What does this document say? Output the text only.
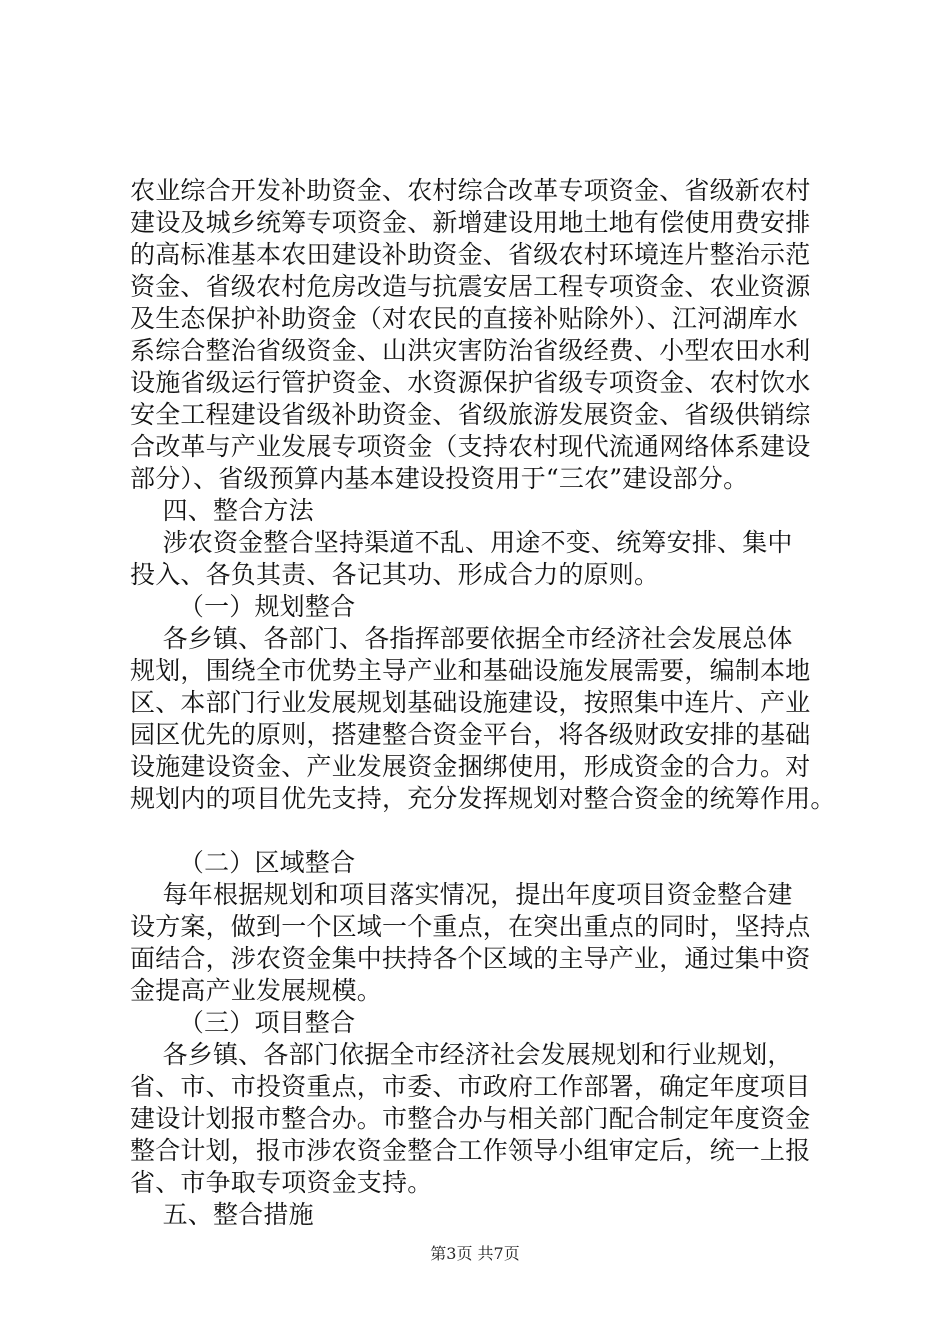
农业综合开发补助资金、农村综合改革专项资金、省级新农村
建设及城乡统筹专项资金、新增建设用地土地有偿使用费安排
的高标准基本农田建设补助资金、省级农村环境连片整治示范
资金、省级农村危房改造与抗震安居工程专项资金、农业资源
及生态保护补助资金（对农民的直接补贴除外）、江河湖库水
系综合整治省级资金、山洪灾害防治省级经费、小型农田水利
设施省级运行管护资金、水资源保护省级专项资金、农村饮水
安全工程建设省级补助资金、省级旅游发展资金、省级供销综
合改革与产业发展专项资金（支持农村现代流通网络体系建设
部分）、省级预算内基本建设投资用于“三农”建设部分。
四、整合方法
涉农资金整合坚持渠道不乱、用途不变、统筹安排、集中
投入、各负其责、各记其功、形成合力的原则。
（一）规划整合
各乡镇、各部门、各指挥部要依据全市经济社会发展总体
规划，围绕全市优势主导产业和基础设施发展需要，编制本地
区、本部门行业发展规划基础设施建设，按照集中连片、产业
园区优先的原则，搭建整合资金平台，将各级财政安排的基础
设施建设资金、产业发展资金捆绑使用，形成资金的合力。对
规划内的项目优先支持，充分发挥规划对整合资金的统筹作用。
（二）区域整合
每年根据规划和项目落实情况，提出年度项目资金整合建
设方案，做到一个区域一个重点，在突出重点的同时，坚持点
面结合，涉农资金集中扶持各个区域的主导产业，通过集中资
金提高产业发展规模。
（三）项目整合
各乡镇、各部门依据全市经济社会发展规划和行业规划，
省、市、市投资重点，市委、市政府工作部署，确定年度项目
建设计划报市整合办。市整合办与相关部门配合制定年度资金
整合计划，报市涉农资金整合工作领导小组审定后，统一上报
省、市争取专项资金支持。
五、整合措施
第3页 共7页
